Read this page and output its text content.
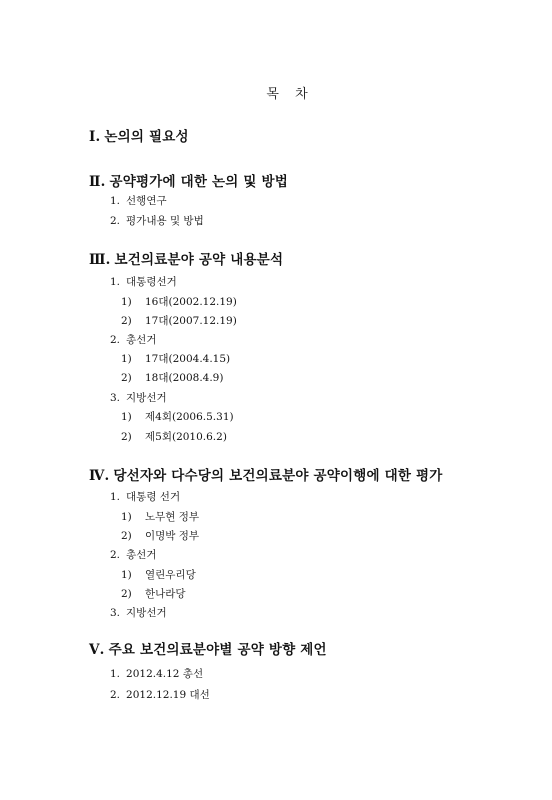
목 차
Ⅰ. 논의의 필요성
Ⅱ. 공약평가에 대한 논의 및 방법
1. 선행연구
2. 평가내용 및 방법
Ⅲ. 보건의료분야 공약 내용분석
1. 대통령선거
1) 16대(2002.12.19)
2) 17대(2007.12.19)
2. 총선거
1) 17대(2004.4.15)
2) 18대(2008.4.9)
3. 지방선거
1) 제4회(2006.5.31)
2) 제5회(2010.6.2)
Ⅳ. 당선자와 다수당의 보건의료분야 공약이행에 대한 평가
1. 대통령 선거
1) 노무현 정부
2) 이명박 정부
2. 총선거
1) 열린우리당
2) 한나라당
3. 지방선거
Ⅴ. 주요 보건의료분야별 공약 방향 제언
1. 2012.4.12 총선
2. 2012.12.19 대선
